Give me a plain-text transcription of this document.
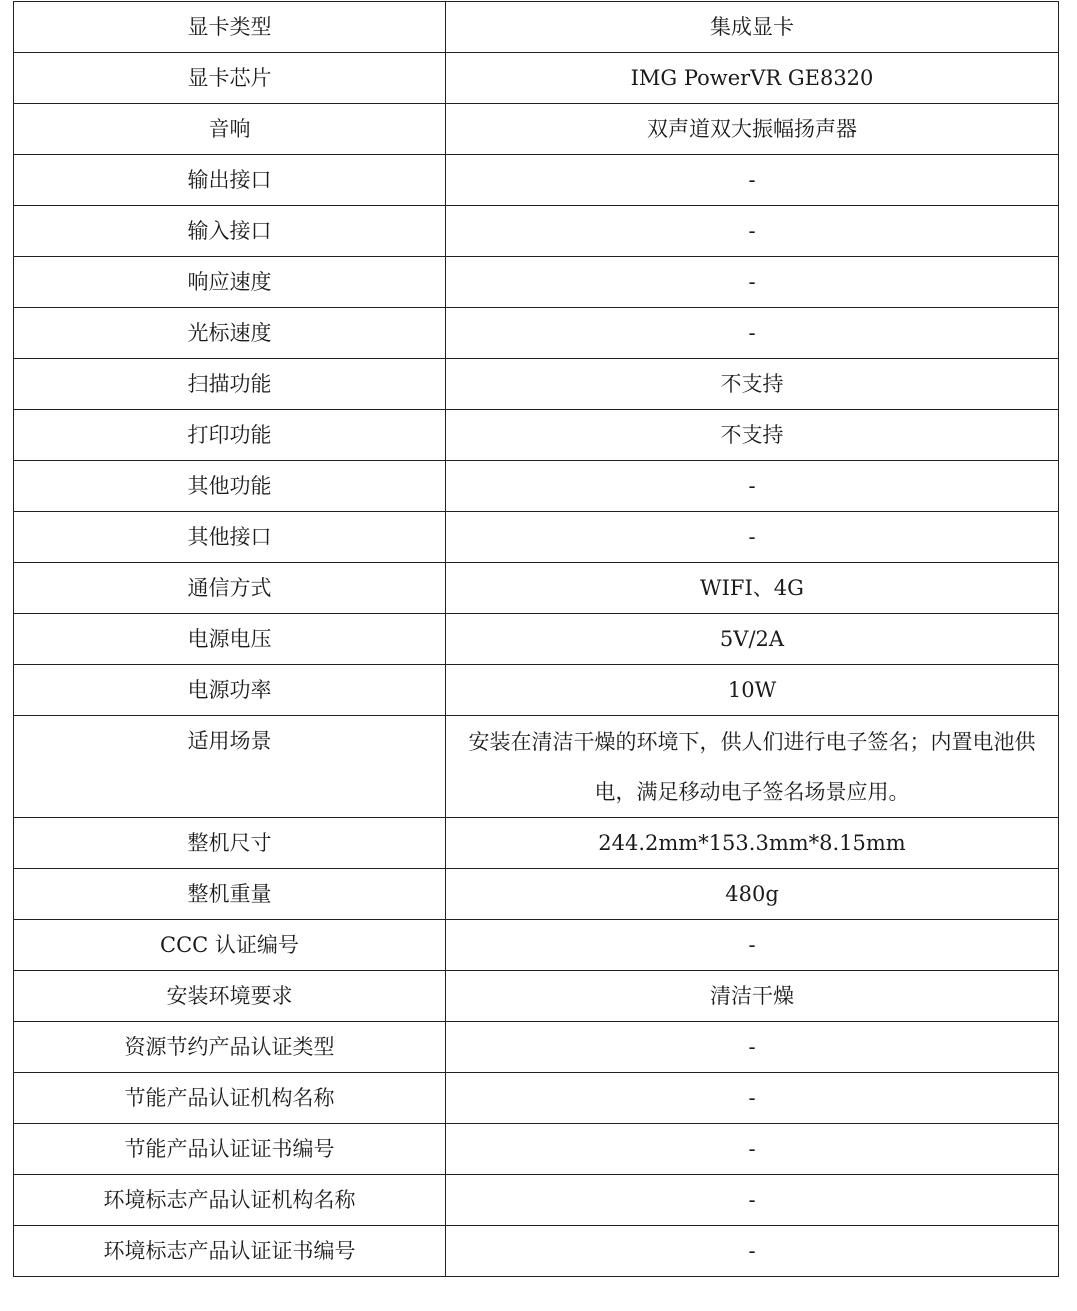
显卡类型	集成显卡
显卡芯片	IMG PowerVR GE8320
音响	双声道双大振幅扬声器
输出接口	-
输入接口	-
响应速度	-
光标速度	-
扫描功能	不支持
打印功能	不支持
其他功能	-
其他接口	-
通信方式	WIFI、4G
电源电压	5V/2A
电源功率	10W
适用场景	安装在清洁干燥的环境下，供人们进行电子签名；内置电池供电，满足移动电子签名场景应用。
整机尺寸	244.2mm*153.3mm*8.15mm
整机重量	480g
CCC 认证编号	-
安装环境要求	清洁干燥
资源节约产品认证类型	-
节能产品认证机构名称	-
节能产品认证证书编号	-
环境标志产品认证机构名称	-
环境标志产品认证证书编号	-
